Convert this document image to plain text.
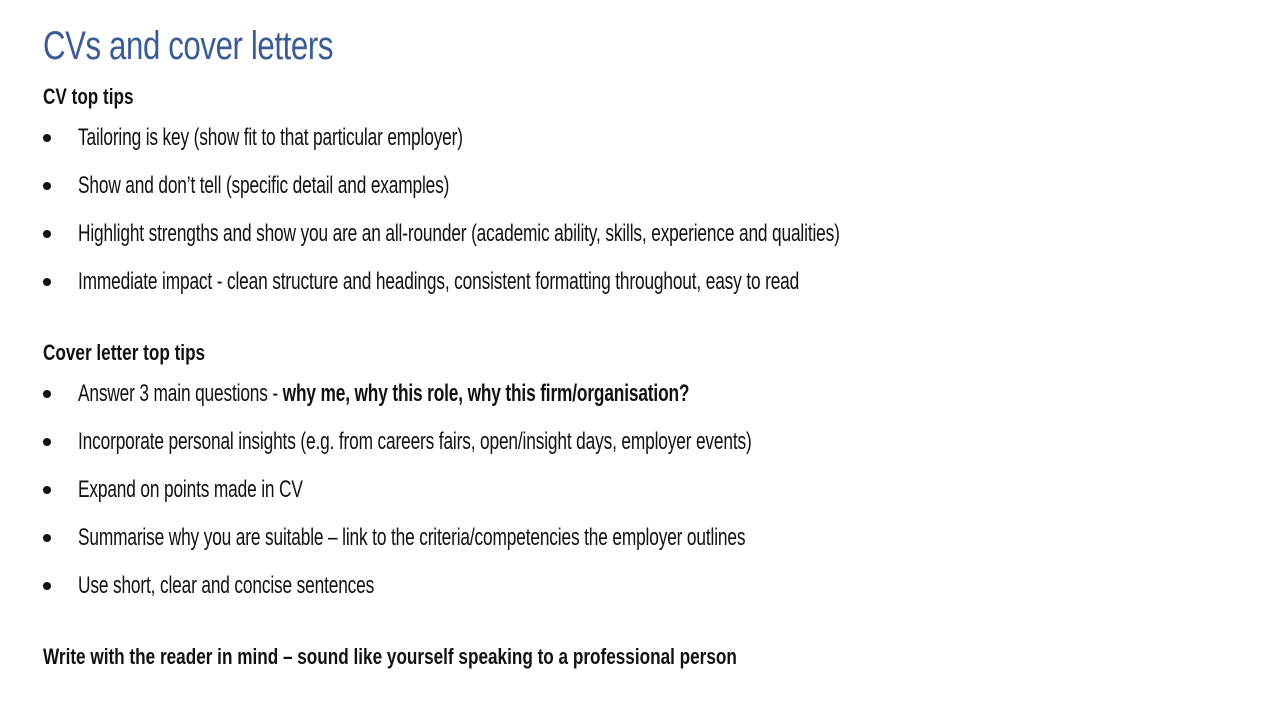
CVs and cover letters
CV top tips
Tailoring is key (show fit to that particular employer)
Show and don’t tell (specific detail and examples)
Highlight strengths and show you are an all-rounder (academic ability, skills, experience and qualities)
Immediate impact - clean structure and headings, consistent formatting throughout, easy to read
Cover letter top tips
Answer 3 main questions - why me, why this role, why this firm/organisation?
Incorporate personal insights (e.g. from careers fairs, open/insight days, employer events)
Expand on points made in CV
Summarise why you are suitable – link to the criteria/competencies the employer outlines
Use short, clear and concise sentences
Write with the reader in mind – sound like yourself speaking to a professional person
